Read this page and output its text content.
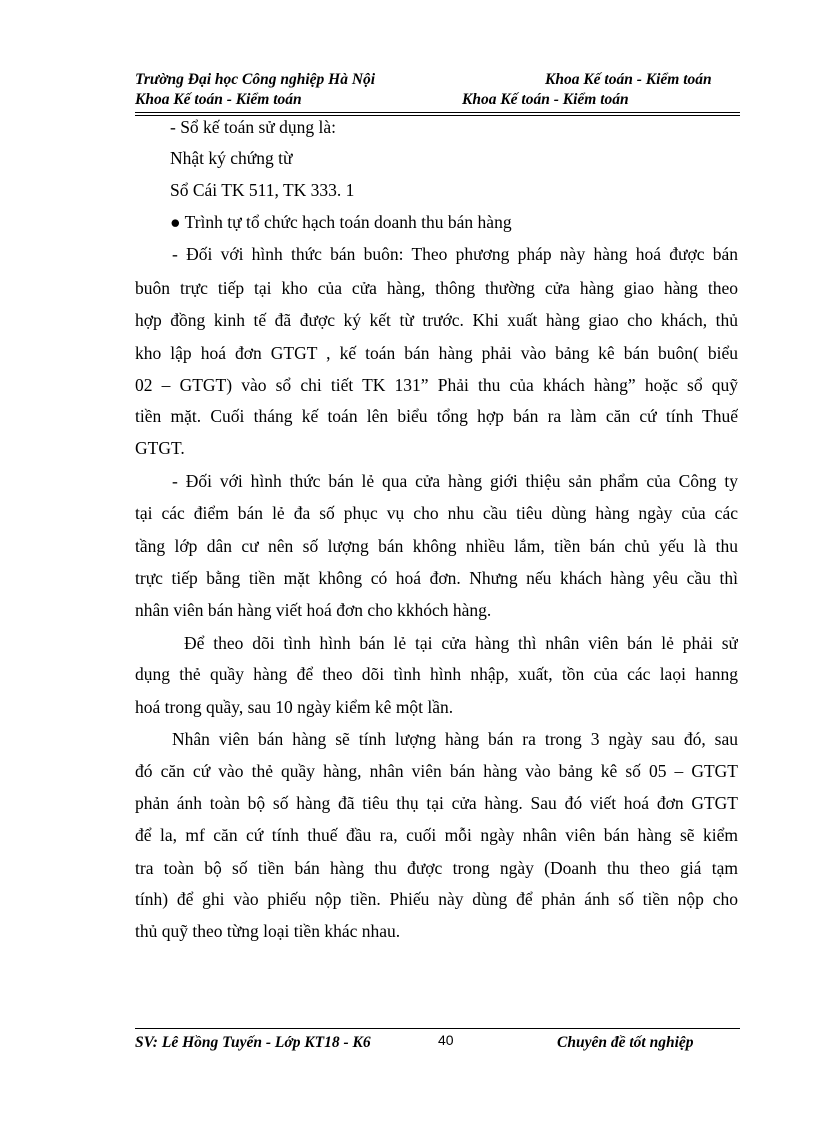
Trường Đại học Công nghiệp Hà Nội	Khoa Kế toán - Kiểm toán
Khoa Kế toán - Kiểm toán	Khoa Kế toán - Kiểm toán
- Sổ kế toán sử dụng là:
Nhật ký chứng từ
Sổ Cái TK 511, TK 333. 1
● Trình tự tổ chức hạch toán doanh thu bán hàng
- Đối với hình thức bán buôn: Theo phương pháp này hàng hoá được bán
buôn trực tiếp tại kho của cửa hàng, thông thường cửa hàng giao hàng theo
hợp đồng kinh tế đã được ký kết từ trước. Khi xuất hàng giao cho khách, thủ
kho lập hoá đơn GTGT , kế toán bán hàng phải vào bảng kê bán buôn( biểu
02 – GTGT) vào sổ chi tiết TK 131” Phải thu của khách hàng” hoặc sổ quỹ
tiền mặt. Cuối tháng kế toán lên biểu tổng hợp bán ra làm căn cứ tính Thuế
GTGT.
- Đối với hình thức bán lẻ qua cửa hàng giới thiệu sản phẩm của Công ty
tại các điểm bán lẻ đa số phục vụ cho nhu cầu tiêu dùng hàng ngày của các
tầng lớp dân cư nên số lượng bán không nhiều lắm, tiền bán chủ yếu là thu
trực tiếp bằng tiền mặt không có hoá đơn. Nhưng nếu khách hàng yêu cầu thì
nhân viên bán hàng viết hoá đơn cho kkhóch hàng.
Để theo dõi tình hình bán lẻ tại cửa hàng thì nhân viên bán lẻ phải sử
dụng thẻ quầy hàng để theo dõi tình hình nhập, xuất, tồn của các laọi hanng
hoá trong quầy, sau 10 ngày kiểm kê một lần.
Nhân viên bán hàng sẽ tính lượng hàng bán ra trong 3 ngày sau đó, sau
đó căn cứ vào thẻ quầy hàng, nhân viên bán hàng vào bảng kê số 05 – GTGT
phản ánh toàn bộ số hàng đã tiêu thụ tại cửa hàng. Sau đó viết hoá đơn GTGT
để la, mf căn cứ tính thuế đầu ra, cuối mỗi ngày nhân viên bán hàng sẽ kiểm
tra toàn bộ số tiền bán hàng thu được trong ngày (Doanh thu theo giá tạm
tính) để ghi vào phiếu nộp tiền. Phiếu này dùng để phản ánh số tiền nộp cho
thủ quỹ theo từng loại tiền khác nhau.
SV: Lê Hồng Tuyến - Lớp KT18 - K6	40	Chuyên đề tốt nghiệp
